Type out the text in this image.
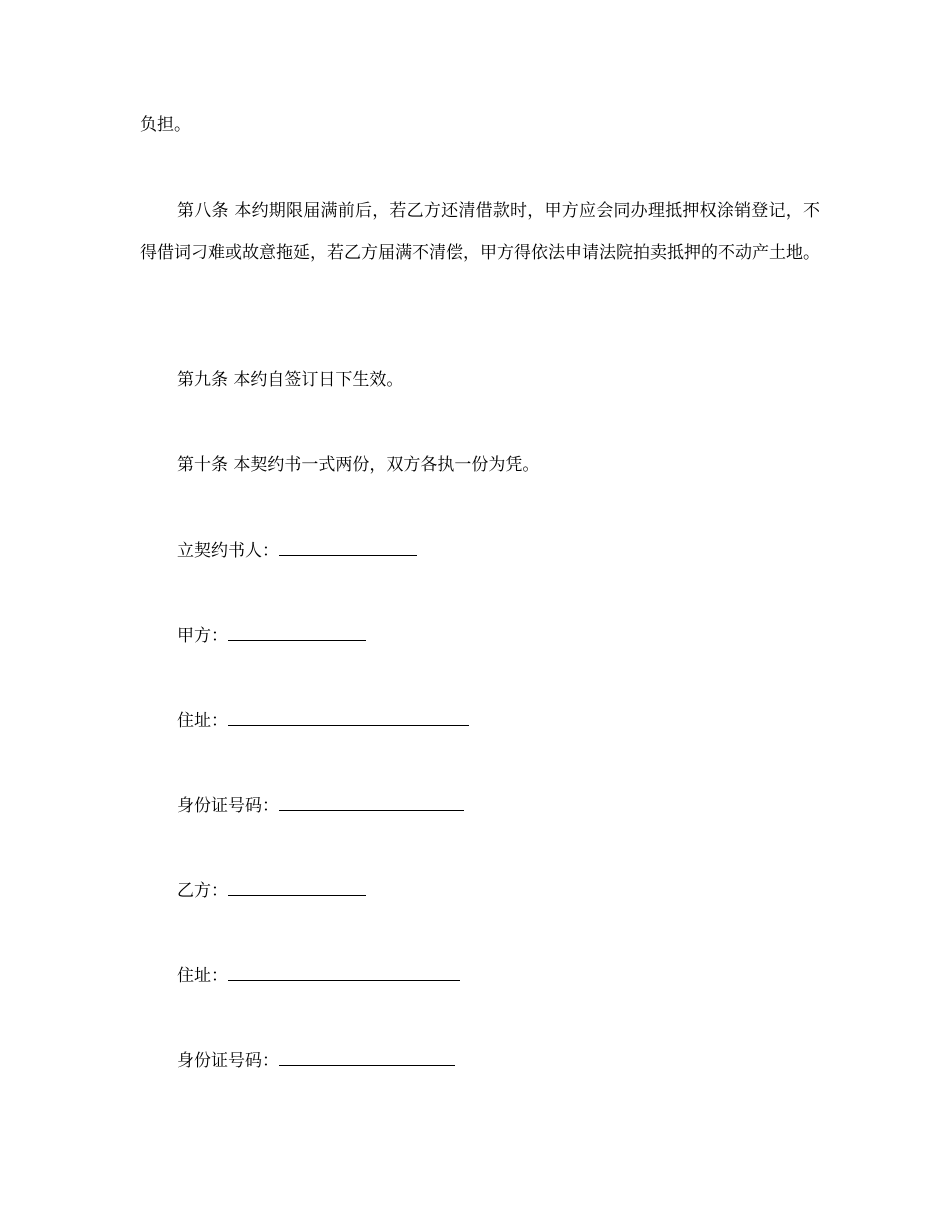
负担。
第八条 本约期限届满前后，若乙方还清借款时，甲方应会同办理抵押权涂销登记，不得借词刁难或故意拖延，若乙方届满不清偿，甲方得依法申请法院拍卖抵押的不动产土地。
第九条 本约自签订日下生效。
第十条 本契约书一式两份，双方各执一份为凭。
立契约书人：
甲方：
住址：
身份证号码：
乙方：
住址：
身份证号码：
